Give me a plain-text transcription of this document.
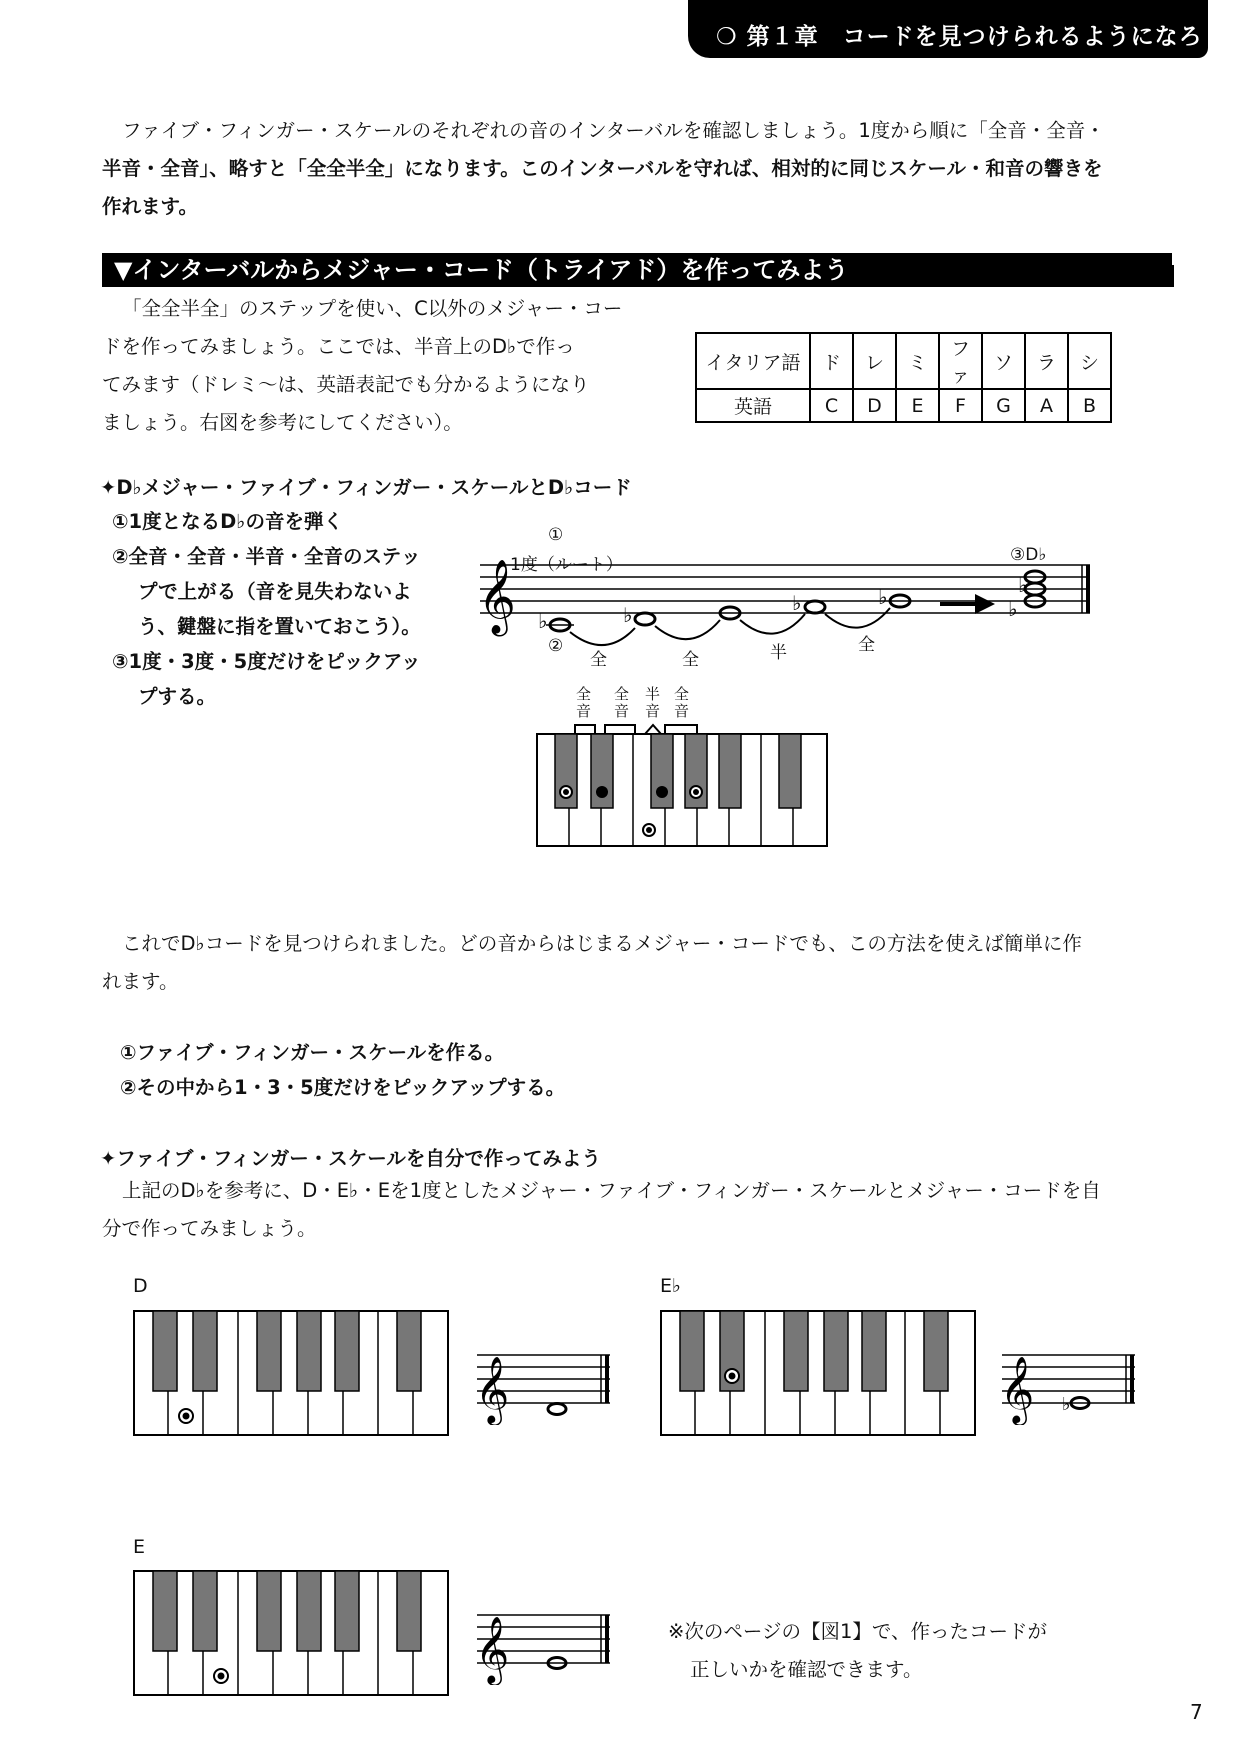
❍ 第１章　コードを見つけられるようになろう
ファイブ・フィンガー・スケールのそれぞれの音のインターバルを確認しましょう。1度から順に「全音・全音・
半音・全音」、略すと「全全半全」になります。このインターバルを守れば、相対的に同じスケール・和音の響きを
作れます。
▼インターバルからメジャー・コード（トライアド）を作ってみよう
「全全半全」のステップを使い、C以外のメジャー・コー
ドを作ってみましょう。ここでは、半音上のD♭で作っ
てみます（ドレミ〜は、英語表記でも分かるようになり
ましょう。右図を参考にしてください）。
イタリア語	ド	レ	ミ	ファ	ソ	ラ	シ
英語	C	D	E	F	G	A	B
✦D♭メジャー・ファイブ・フィンガー・スケールとD♭コード
①1度となるD♭の音を弾く
②全音・全音・半音・全音のステッ
プで上がる（音を見失わないよ
う、鍵盤に指を置いておこう）。
③1度・3度・5度だけをピックアッ
プする。
𝄞 ♭	♭	♭	♭	♭
♭
①
1度（ルート）	③D♭
②
全	全	半	全
全
音
全
音
半
音
全
音
これでD♭コードを見つけられました。どの音からはじまるメジャー・コードでも、この方法を使えば簡単に作
れます。
①ファイブ・フィンガー・スケールを作る。
②その中から1・3・5度だけをピックアップする。
✦ファイブ・フィンガー・スケールを自分で作ってみよう
上記のD♭を参考に、D・E♭・Eを1度としたメジャー・ファイブ・フィンガー・スケールとメジャー・コードを自
分で作ってみましょう。
D	E♭
E
𝄞	𝄞 ♭
𝄞	※次のページの【図1】で、作ったコードが
正しいかを確認できます。
7
